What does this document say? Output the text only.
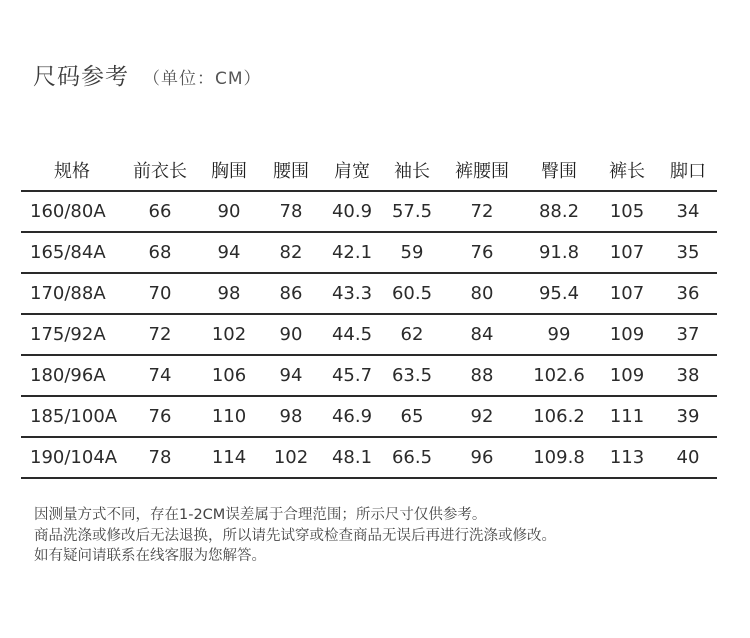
尺码参考 （单位：CM）
规格	前衣长	胸围	腰围	肩宽	袖长	裤腰围	臀围	裤长	脚口
160/80A	66	90	78	40.9	57.5	72	88.2	105	34
165/84A	68	94	82	42.1	59	76	91.8	107	35
170/88A	70	98	86	43.3	60.5	80	95.4	107	36
175/92A	72	102	90	44.5	62	84	99	109	37
180/96A	74	106	94	45.7	63.5	88	102.6	109	38
185/100A	76	110	98	46.9	65	92	106.2	111	39
190/104A	78	114	102	48.1	66.5	96	109.8	113	40
因测量方式不同，存在1-2CM误差属于合理范围；所示尺寸仅供参考。
商品洗涤或修改后无法退换，所以请先试穿或检查商品无误后再进行洗涤或修改。
如有疑问请联系在线客服为您解答。
